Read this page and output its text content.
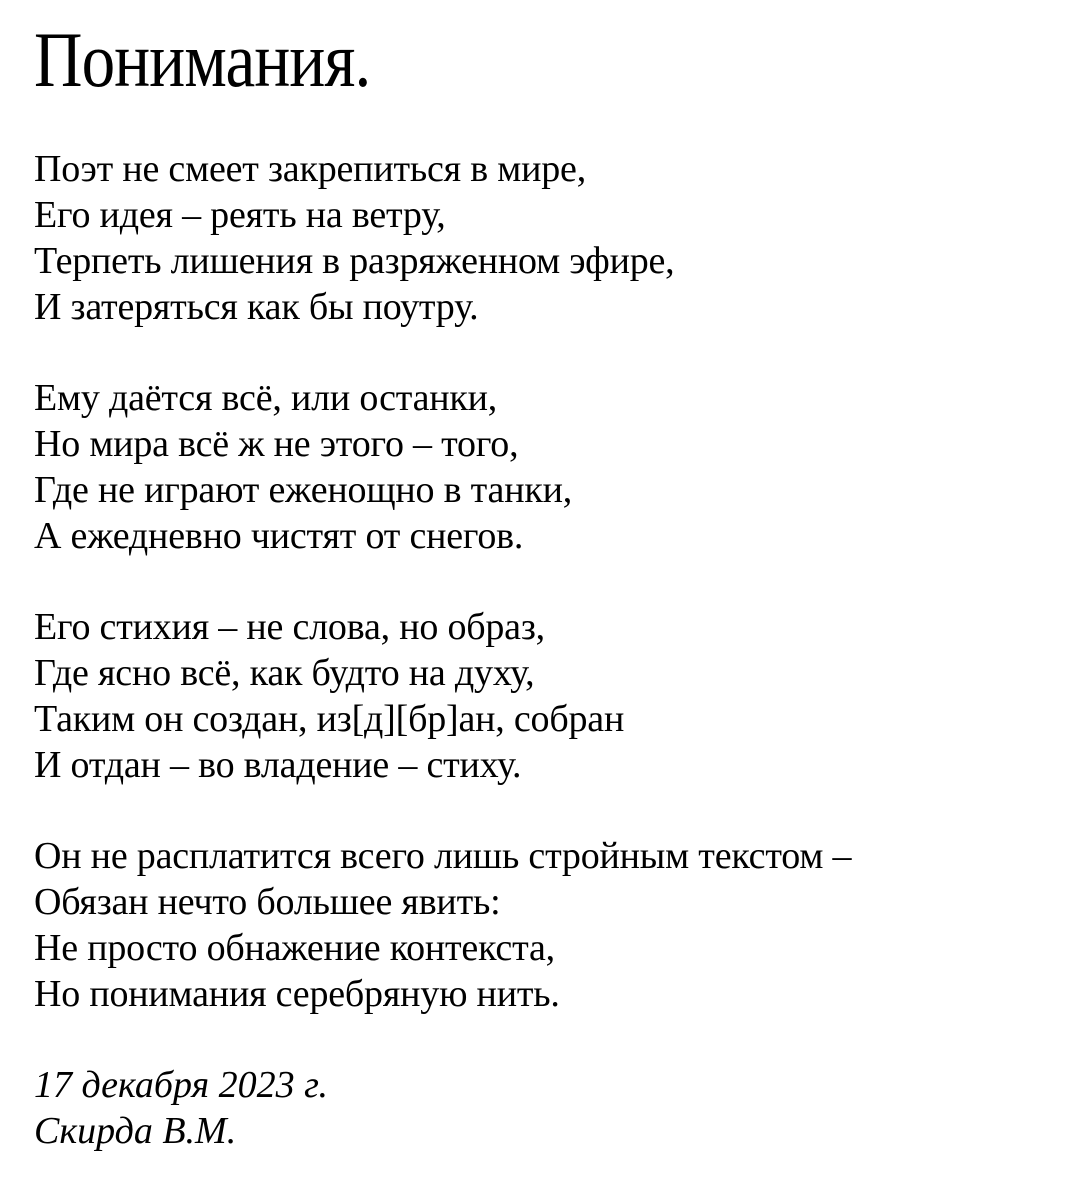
Понимания.
Поэт не смеет закрепиться в мире,
Его идея – реять на ветру,
Терпеть лишения в разряженном эфире,
И затеряться как бы поутру.
Ему даётся всё, или останки,
Но мира всё ж не этого – того,
Где не играют еженощно в танки,
А ежедневно чистят от снегов.
Его стихия – не слова, но образ,
Где ясно всё, как будто на духу,
Таким он создан, из[д][бр]ан, собран
И отдан – во владение – стиху.
Он не расплатится всего лишь стройным текстом –
Обязан нечто большее явить:
Не просто обнажение контекста,
Но понимания серебряную нить.
17 декабря 2023 г.
Скирда В.М.
